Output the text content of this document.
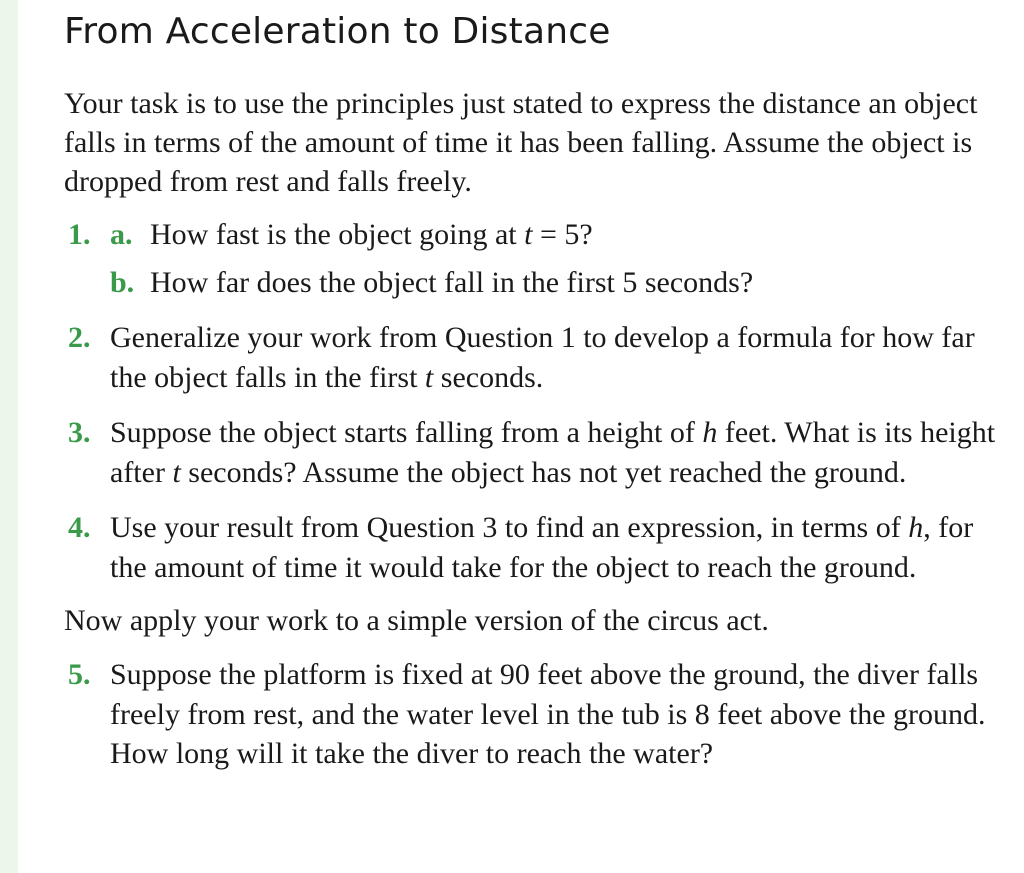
From Acceleration to Distance

Your task is to use the principles just stated to express the distance an object falls in terms of the amount of time it has been falling. Assume the object is dropped from rest and falls freely.

1. a. How fast is the object going at t = 5?
b. How far does the object fall in the first 5 seconds?
2. Generalize your work from Question 1 to develop a formula for how far the object falls in the first t seconds.
3. Suppose the object starts falling from a height of h feet. What is its height after t seconds? Assume the object has not yet reached the ground.
4. Use your result from Question 3 to find an expression, in terms of h, for the amount of time it would take for the object to reach the ground.

Now apply your work to a simple version of the circus act.

5. Suppose the platform is fixed at 90 feet above the ground, the diver falls freely from rest, and the water level in the tub is 8 feet above the ground. How long will it take the diver to reach the water?
